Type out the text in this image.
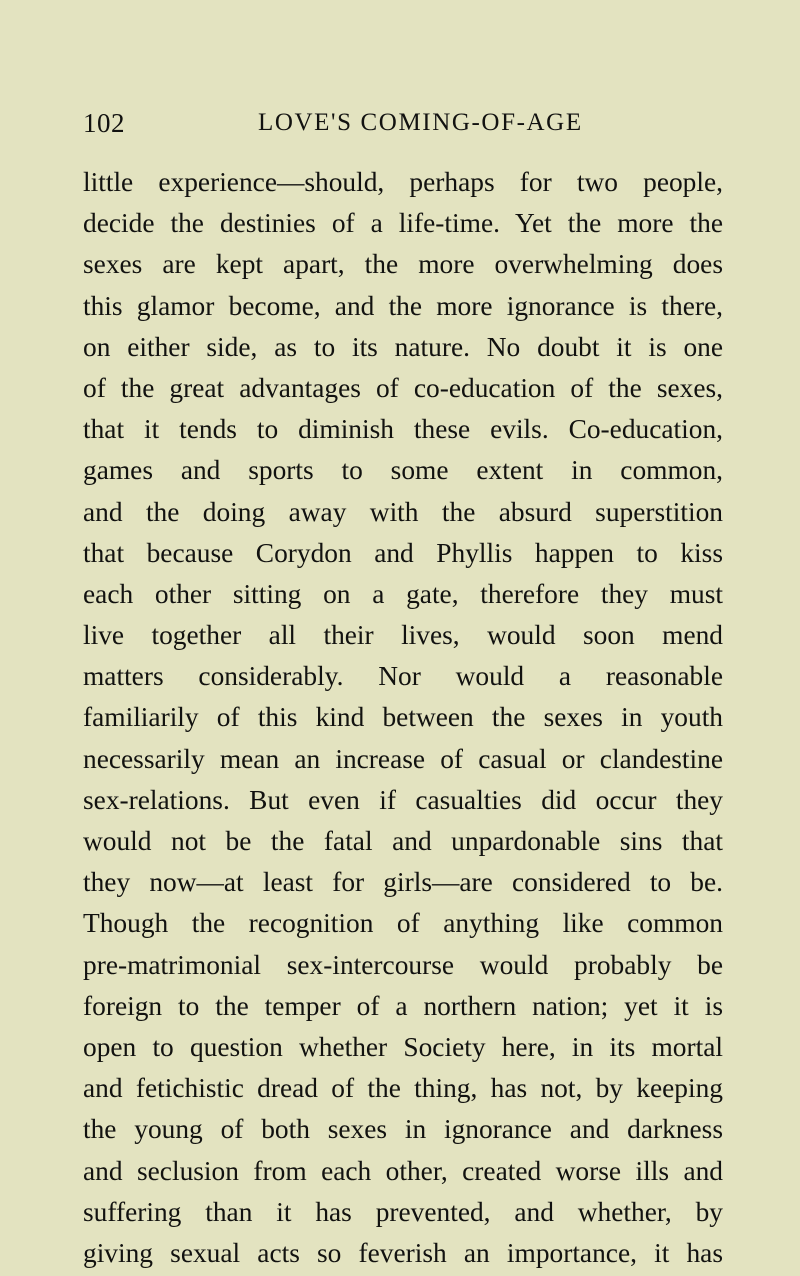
102	LOVE'S COMING-OF-AGE
little experience—should, perhaps for two people,
decide the destinies of a life-time. Yet the more the
sexes are kept apart, the more overwhelming does
this glamor become, and the more ignorance is there,
on either side, as to its nature. No doubt it is one
of the great advantages of co-education of the sexes,
that it tends to diminish these evils. Co-education,
games and sports to some extent in common,
and the doing away with the absurd superstition
that because Corydon and Phyllis happen to kiss
each other sitting on a gate, therefore they must
live together all their lives, would soon mend
matters considerably. Nor would a reasonable
familiarily of this kind between the sexes in youth
necessarily mean an increase of casual or clandestine
sex-relations. But even if casualties did occur they
would not be the fatal and unpardonable sins that
they now—at least for girls—are considered to be.
Though the recognition of anything like common
pre-matrimonial sex-intercourse would probably be
foreign to the temper of a northern nation; yet it is
open to question whether Society here, in its mortal
and fetichistic dread of the thing, has not, by keeping
the young of both sexes in ignorance and darkness
and seclusion from each other, created worse ills and
suffering than it has prevented, and whether, by
giving sexual acts so feverish an importance, it has
